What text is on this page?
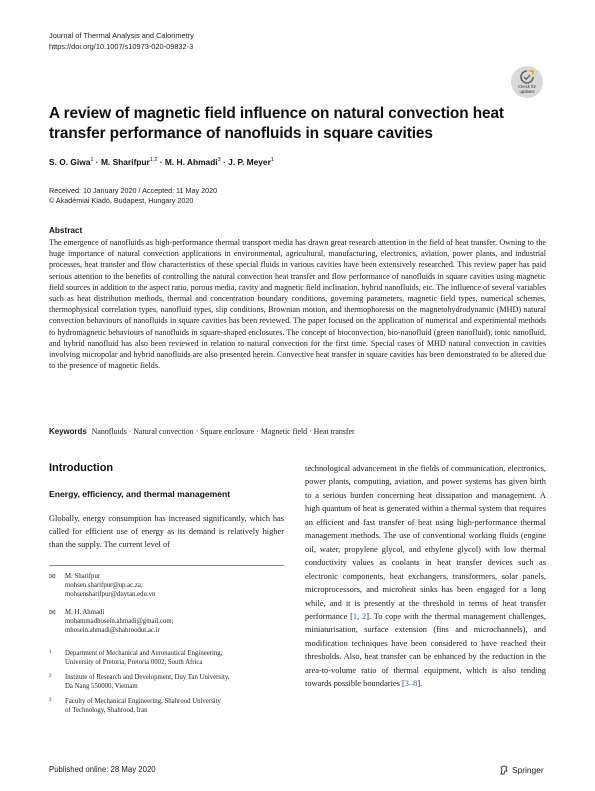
Journal of Thermal Analysis and Calorimetry
https://doi.org/10.1007/s10973-020-09832-3
Check for
updates
A review of magnetic field influence on natural convection heat transfer performance of nanofluids in square cavities
S. O. Giwa$^1$ · M. Sharifpur$^{1,2}$ · M. H. Ahmadi$^3$ · J. P. Meyer$^1$
Received: 10 January 2020 / Accepted: 11 May 2020
© Akadémiai Kiadó, Budapest, Hungary 2020
Abstract
The emergence of nanofluids as high-performance thermal transport media has drawn great research attention in the field of heat transfer. Owning to the huge importance of natural convection applications in environmental, agricultural, manufacturing, electronics, aviation, power plants, and industrial processes, heat transfer and flow characteristics of these special fluids in various cavities have been extensively researched. This review paper has paid serious attention to the benefits of controlling the natural convection heat transfer and flow performance of nanofluids in square cavities using magnetic field sources in addition to the aspect ratio, porous media, cavity and magnetic field inclination, hybrid nanofluids, etc. The influence of several variables such as heat distribution methods, thermal and concentration boundary conditions, governing parameters, magnetic field types, numerical schemes, thermophysical correlation types, nanofluid types, slip conditions, Brownian motion, and thermophoresis on the magnetohydrodynamic (MHD) natural convection behaviours of nanofluids in square cavities has been reviewed. The paper focused on the application of numerical and experimental methods to hydromagnetic behaviours of nanofluids in square-shaped enclosures. The concept of bioconvection, bio-nanofluid (green nanofluid), ionic nanofluid, and hybrid nanofluid has also been reviewed in relation to natural convection for the first time. Special cases of MHD natural convection in cavities involving micropolar and hybrid nanofluids are also presented herein. Convective heat transfer in square cavities has been demonstrated to be altered due to the presence of magnetic fields.
Keywords Nanofluids · Natural convection · Square enclosure · Magnetic field · Heat transfer
Introduction
Energy, efficiency, and thermal management
Globally, energy consumption has increased significantly, which has called for efficient use of energy as its demand is relatively higher than the supply. The current level of
✉ M. Sharifpur
mohsen.sharifpur@up.ac.za;
mohsensharifpur@duytan.edu.vn
✉ M. H. Ahmadi
mohammadhosein.ahmadi@gmail.com;
mhosein.ahmadi@shahroodut.ac.ir
1 Department of Mechanical and Aeronautical Engineering,
University of Pretoria, Pretoria 0002, South Africa
2 Institute of Research and Development, Duy Tan University,
Da Nang 550000, Vietnam
3 Faculty of Mechanical Engineering, Shahrood University
of Technology, Shahrood, Iran
technological advancement in the fields of communication, electronics, power plants, computing, aviation, and power systems has given birth to a serious burden concerning heat dissipation and management. A high quantum of heat is generated within a thermal system that requires an efficient and fast transfer of heat using high-performance thermal management methods. The use of conventional working fluids (engine oil, water, propylene glycol, and ethylene glycol) with low thermal conductivity values as coolants in heat transfer devices such as electronic components, heat exchangers, transformers, solar panels, microprocessors, and microheat sinks has been engaged for a long while, and it is presently at the threshold in terms of heat transfer performance [1, 2]. To cope with the thermal management challenges, miniaturisation, surface extension (fins and microchannels), and modification techniques have been considered to have reached their thresholds. Also, heat transfer can be enhanced by the reduction in the area-to-volume ratio of thermal equipment, which is also tending towards possible boundaries [3–8].
Published online: 28 May 2020	Springer
